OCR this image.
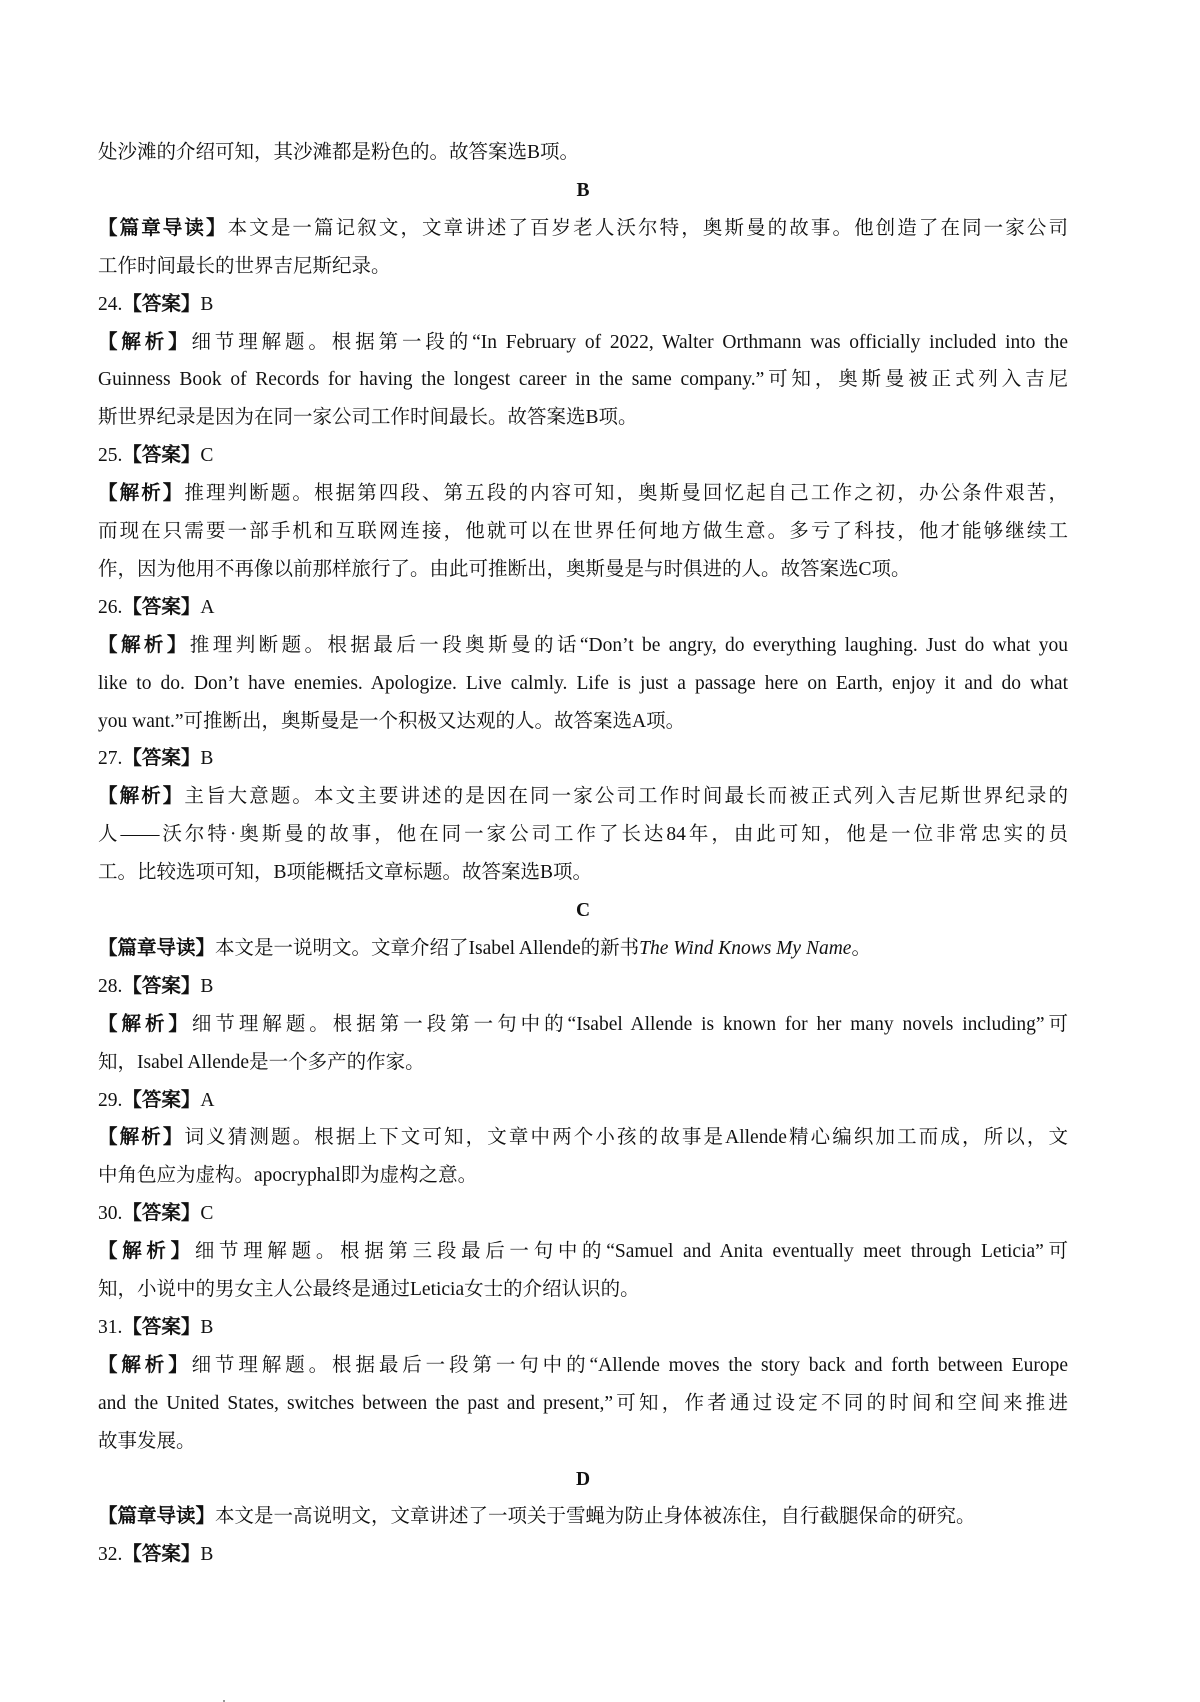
处沙滩的介绍可知，其沙滩都是粉色的。故答案选B项。
B
【篇章导读】本文是一篇记叙文，文章讲述了百岁老人沃尔特，奥斯曼的故事。他创造了在同一家公司
工作时间最长的世界吉尼斯纪录。
24.【答案】B
【解析】细节理解题。根据第一段的“In February of 2022, Walter Orthmann was officially included into the
Guinness Book of Records for having the longest career in the same company.”可知，奥斯曼被正式列入吉尼
斯世界纪录是因为在同一家公司工作时间最长。故答案选B项。
25.【答案】C
【解析】推理判断题。根据第四段、第五段的内容可知，奥斯曼回忆起自己工作之初，办公条件艰苦，
而现在只需要一部手机和互联网连接，他就可以在世界任何地方做生意。多亏了科技，他才能够继续工
作，因为他用不再像以前那样旅行了。由此可推断出，奥斯曼是与时俱进的人。故答案选C项。
26.【答案】A
【解析】推理判断题。根据最后一段奥斯曼的话“Don’t be angry, do everything laughing. Just do what you
like to do. Don’t have enemies. Apologize. Live calmly. Life is just a passage here on Earth, enjoy it and do what
you want.”可推断出，奥斯曼是一个积极又达观的人。故答案选A项。
27.【答案】B
【解析】主旨大意题。本文主要讲述的是因在同一家公司工作时间最长而被正式列入吉尼斯世界纪录的
人——沃尔特·奥斯曼的故事，他在同一家公司工作了长达84年，由此可知，他是一位非常忠实的员
工。比较选项可知，B项能概括文章标题。故答案选B项。
C
【篇章导读】本文是一说明文。文章介绍了Isabel Allende的新书The Wind Knows My Name。
28.【答案】B
【解析】细节理解题。根据第一段第一句中的“Isabel Allende is known for her many novels including”可
知，Isabel Allende是一个多产的作家。
29.【答案】A
【解析】词义猜测题。根据上下文可知，文章中两个小孩的故事是Allende精心编织加工而成，所以，文
中角色应为虚构。apocryphal即为虚构之意。
30.【答案】C
【解析】细节理解题。根据第三段最后一句中的“Samuel and Anita eventually meet through Leticia”可
知，小说中的男女主人公最终是通过Leticia女士的介绍认识的。
31.【答案】B
【解析】细节理解题。根据最后一段第一句中的“Allende moves the story back and forth between Europe
and the United States, switches between the past and present,”可知，作者通过设定不同的时间和空间来推进
故事发展。
D
【篇章导读】本文是一高说明文，文章讲述了一项关于雪蝇为防止身体被冻住，自行截腿保命的研究。
32.【答案】B
